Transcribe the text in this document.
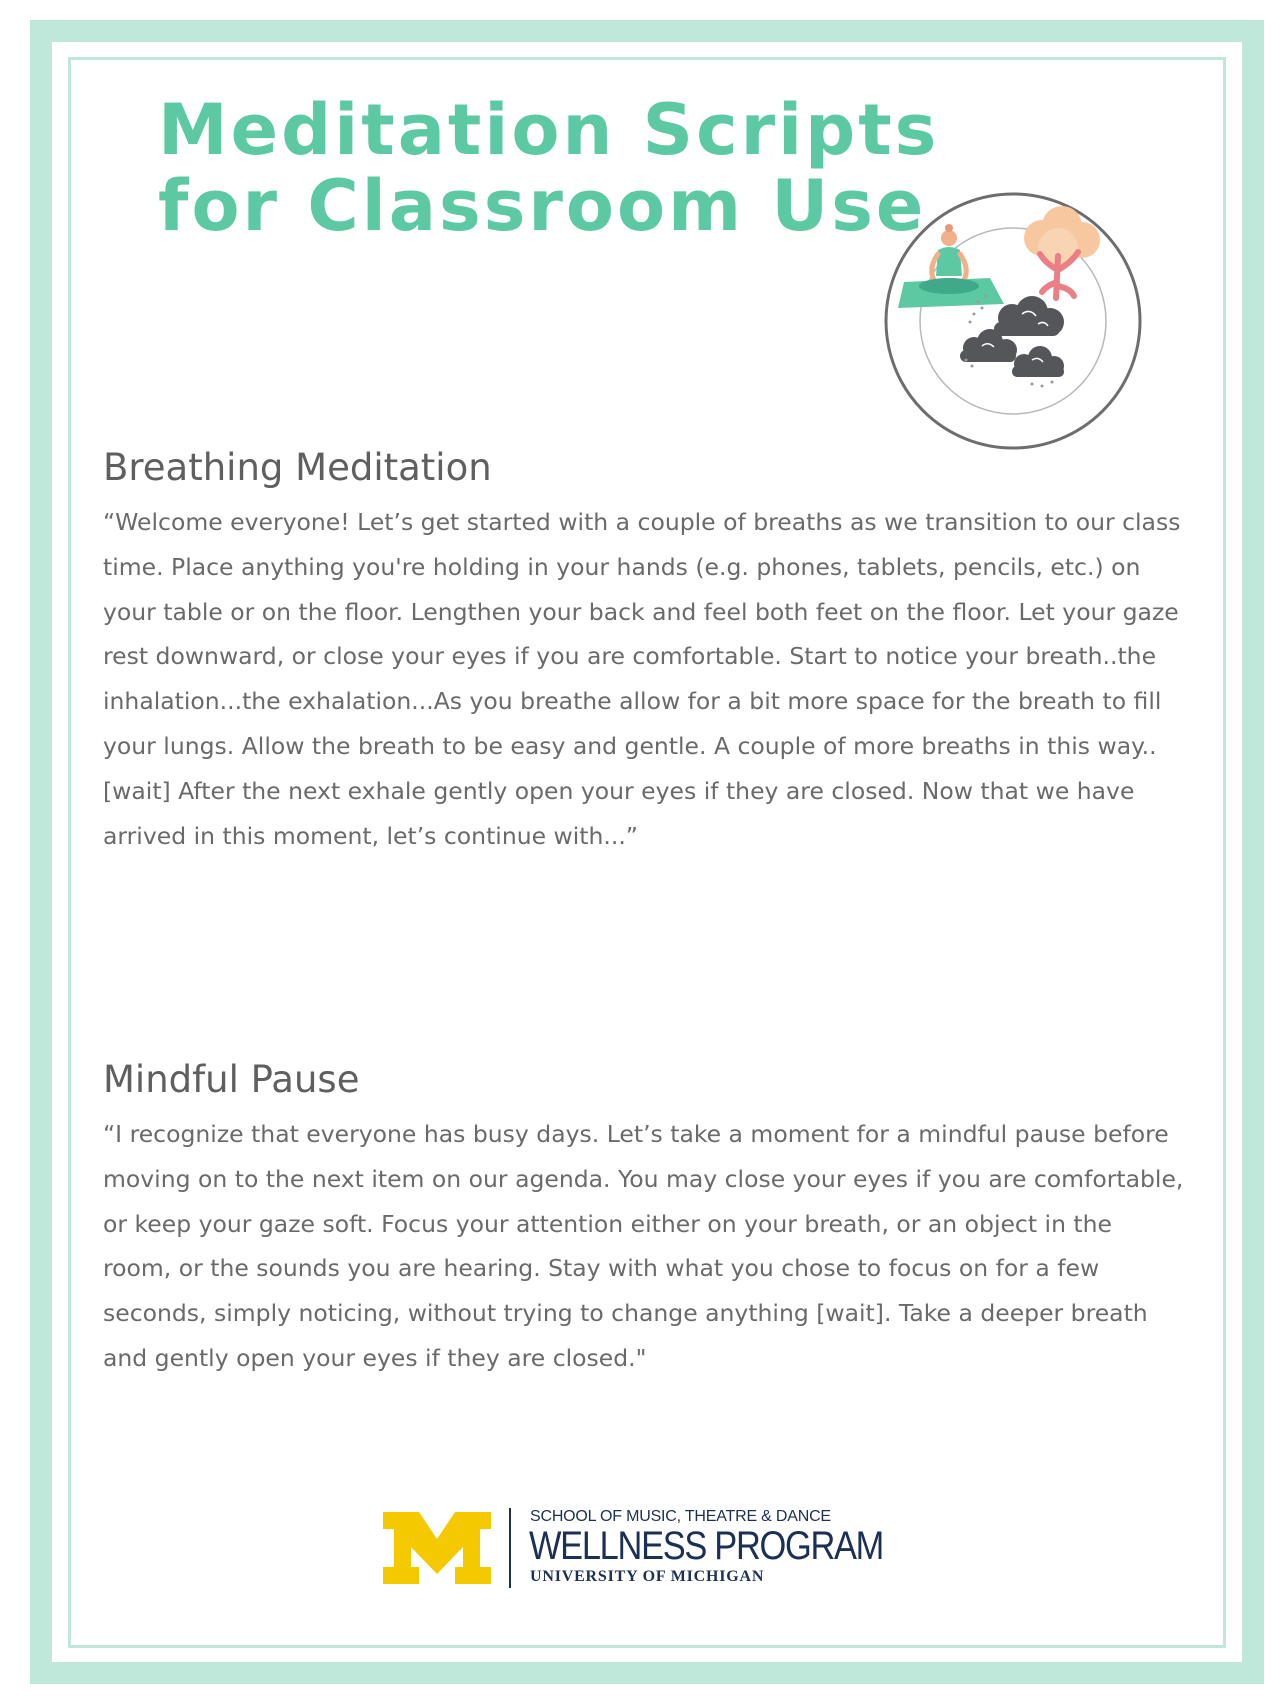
Meditation Scripts for Classroom Use
Breathing Meditation

“Welcome everyone! Let’s get started with a couple of breaths as we transition to our class time. Place anything you're holding in your hands (e.g. phones, tablets, pencils, etc.) on your table or on the floor. Lengthen your back and feel both feet on the floor. Let your gaze rest downward, or close your eyes if you are comfortable. Start to notice your breath..the inhalation...the exhalation...As you breathe allow for a bit more space for the breath to fill your lungs. Allow the breath to be easy and gentle. A couple of more breaths in this way..[wait] After the next exhale gently open your eyes if they are closed. Now that we have arrived in this moment, let’s continue with...”

Mindful Pause

“I recognize that everyone has busy days. Let’s take a moment for a mindful pause before moving on to the next item on our agenda. You may close your eyes if you are comfortable, or keep your gaze soft. Focus your attention either on your breath, or an object in the room, or the sounds you are hearing. Stay with what you chose to focus on for a few seconds, simply noticing, without trying to change anything [wait]. Take a deeper breath and gently open your eyes if they are closed."

SCHOOL OF MUSIC, THEATRE & DANCE
WELLNESS PROGRAM
UNIVERSITY OF MICHIGAN
